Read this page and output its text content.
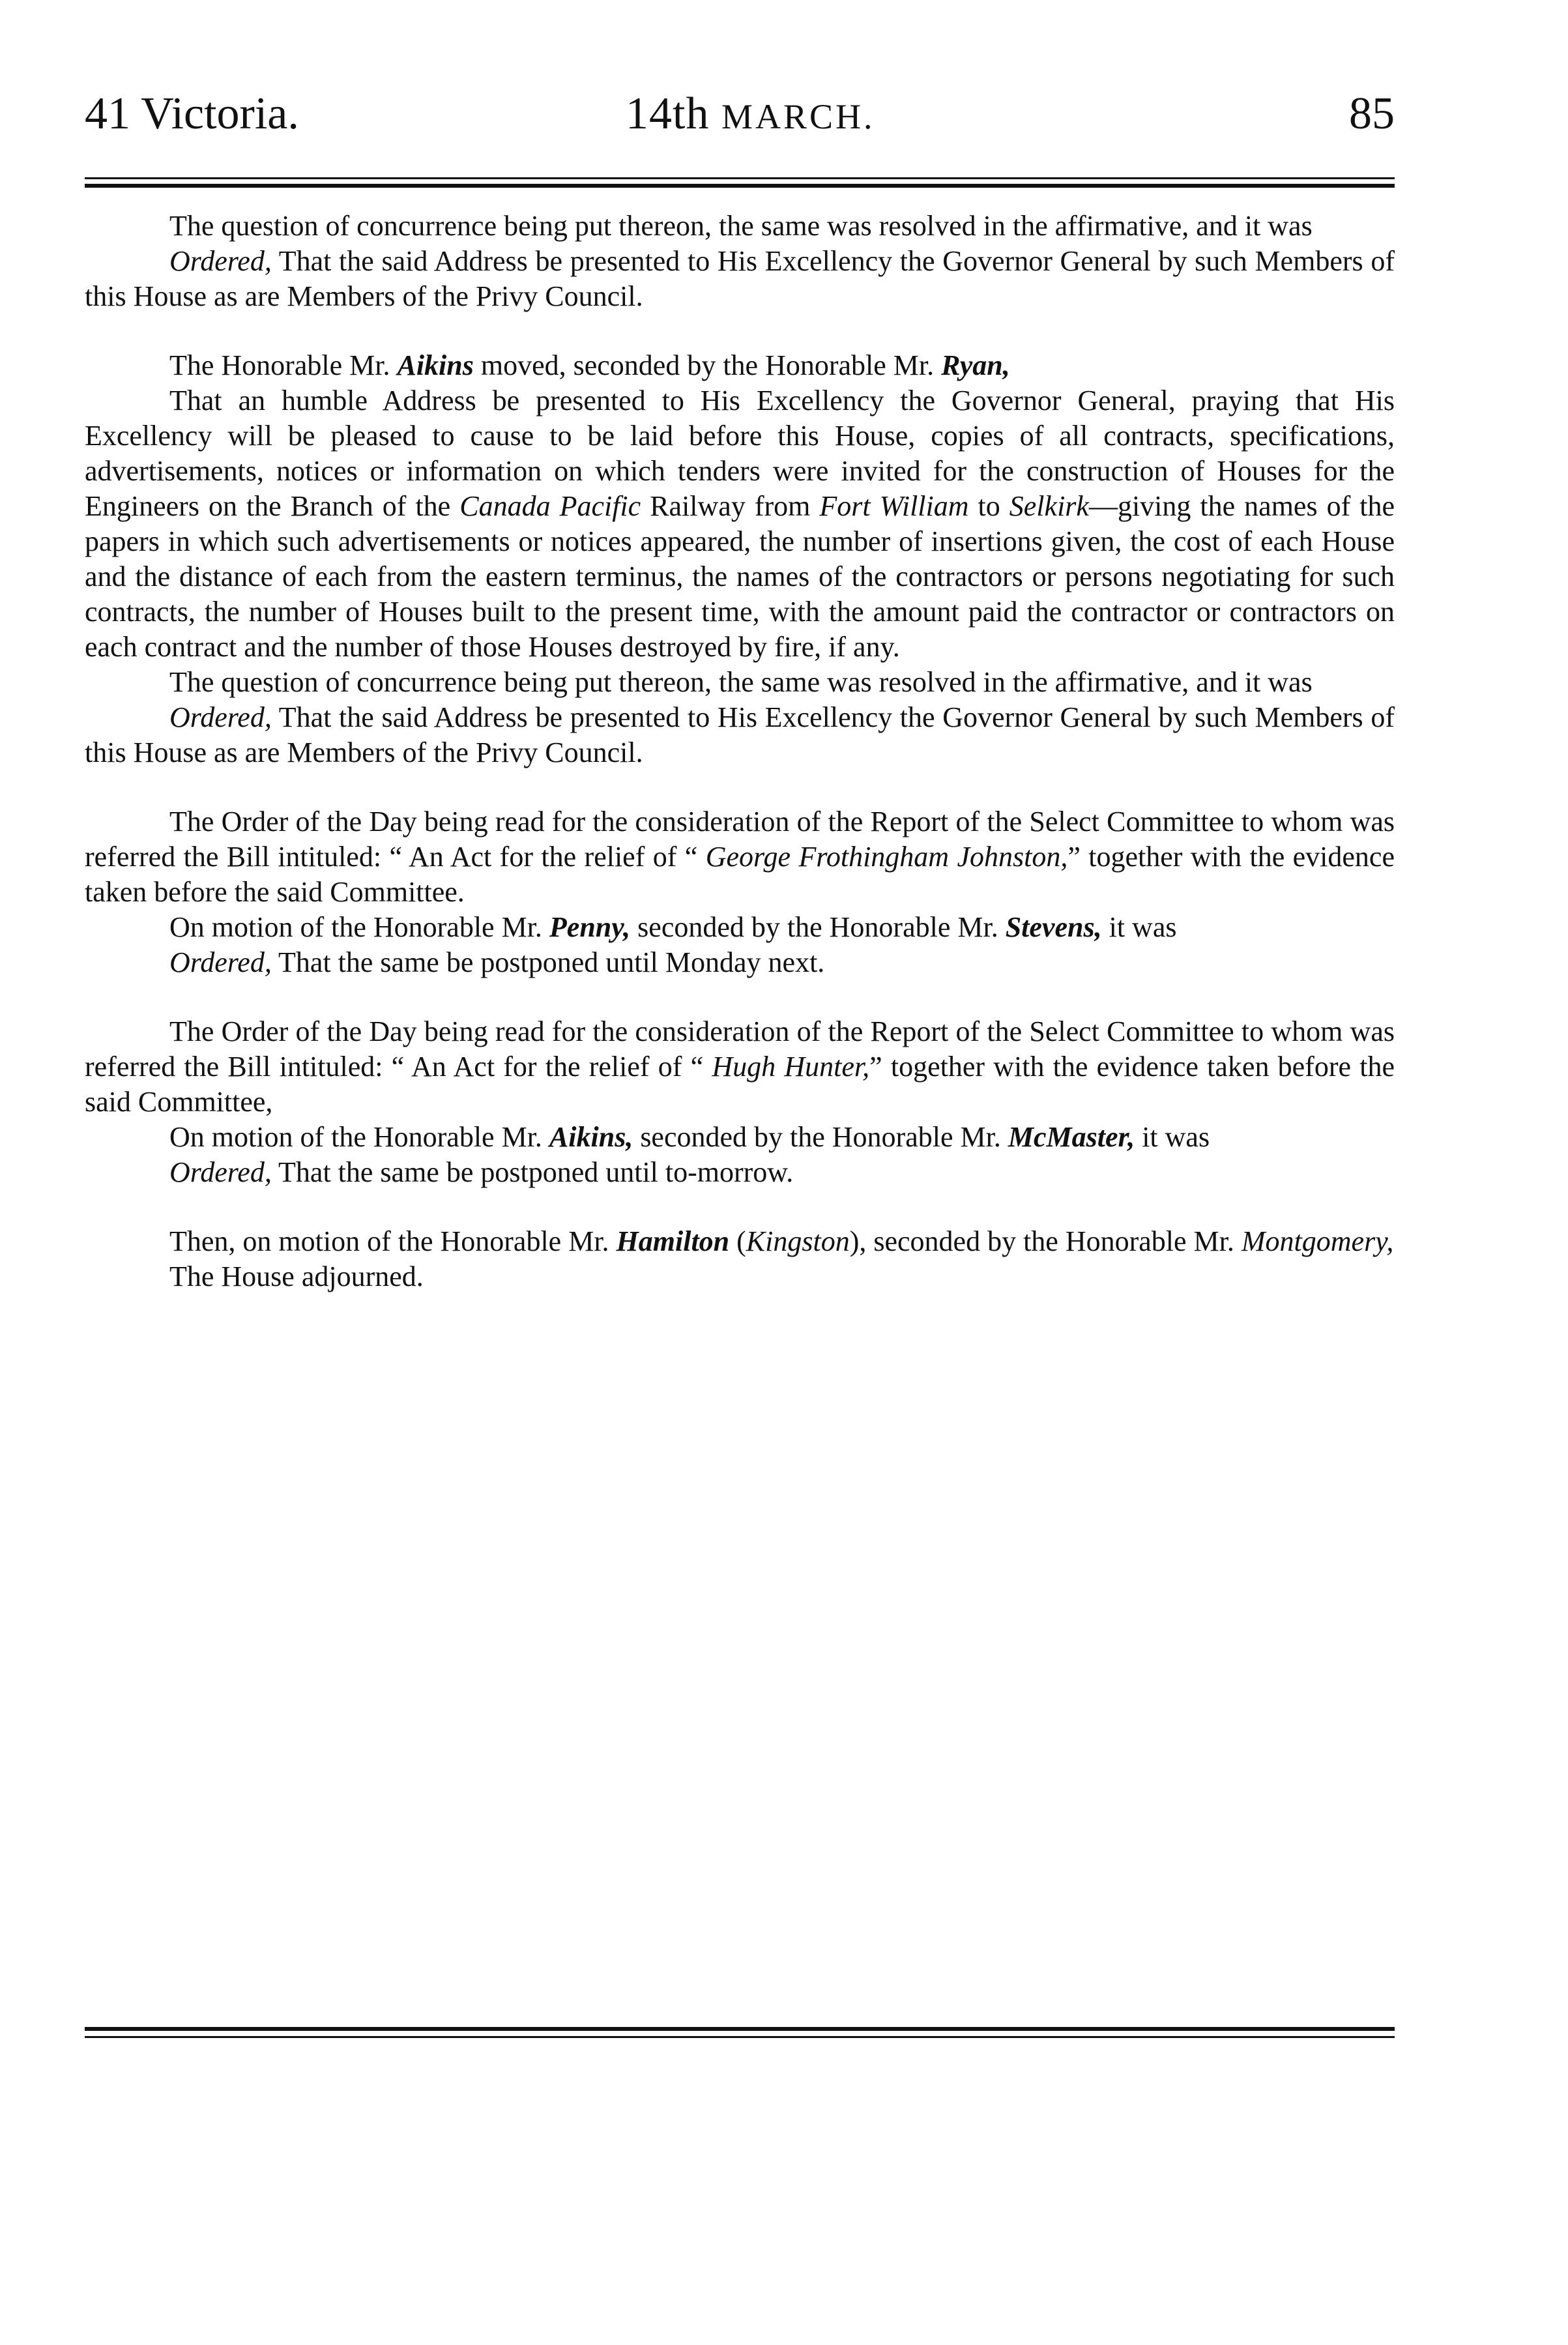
41 Victoria.	14th MARCH.	85

The question of concurrence being put thereon, the same was resolved in the affirmative, and it was

Ordered, That the said Address be presented to His Excellency the Governor General by such Members of this House as are Members of the Privy Council.

The Honorable Mr. Aikins moved, seconded by the Honorable Mr. Ryan,

That an humble Address be presented to His Excellency the Governor General, praying that His Excellency will be pleased to cause to be laid before this House, copies of all contracts, specifications, advertisements, notices or information on which tenders were invited for the construction of Houses for the Engineers on the Branch of the Canada Pacific Railway from Fort William to Selkirk—giving the names of the papers in which such advertisements or notices appeared, the number of insertions given, the cost of each House and the distance of each from the eastern terminus, the names of the contractors or persons negotiating for such contracts, the number of Houses built to the present time, with the amount paid the contractor or contractors on each contract and the number of those Houses destroyed by fire, if any.

The question of concurrence being put thereon, the same was resolved in the affirmative, and it was

Ordered, That the said Address be presented to His Excellency the Governor General by such Members of this House as are Members of the Privy Council.

The Order of the Day being read for the consideration of the Report of the Select Committee to whom was referred the Bill intituled: “ An Act for the relief of “ George Frothingham Johnston,” together with the evidence taken before the said Committee.

On motion of the Honorable Mr. Penny, seconded by the Honorable Mr. Stevens, it was

Ordered, That the same be postponed until Monday next.

The Order of the Day being read for the consideration of the Report of the Select Committee to whom was referred the Bill intituled: “ An Act for the relief of “ Hugh Hunter,” together with the evidence taken before the said Committee,

On motion of the Honorable Mr. Aikins, seconded by the Honorable Mr. McMaster, it was

Ordered, That the same be postponed until to-morrow.

Then, on motion of the Honorable Mr. Hamilton (Kingston), seconded by the Honorable Mr. Montgomery,

The House adjourned.
